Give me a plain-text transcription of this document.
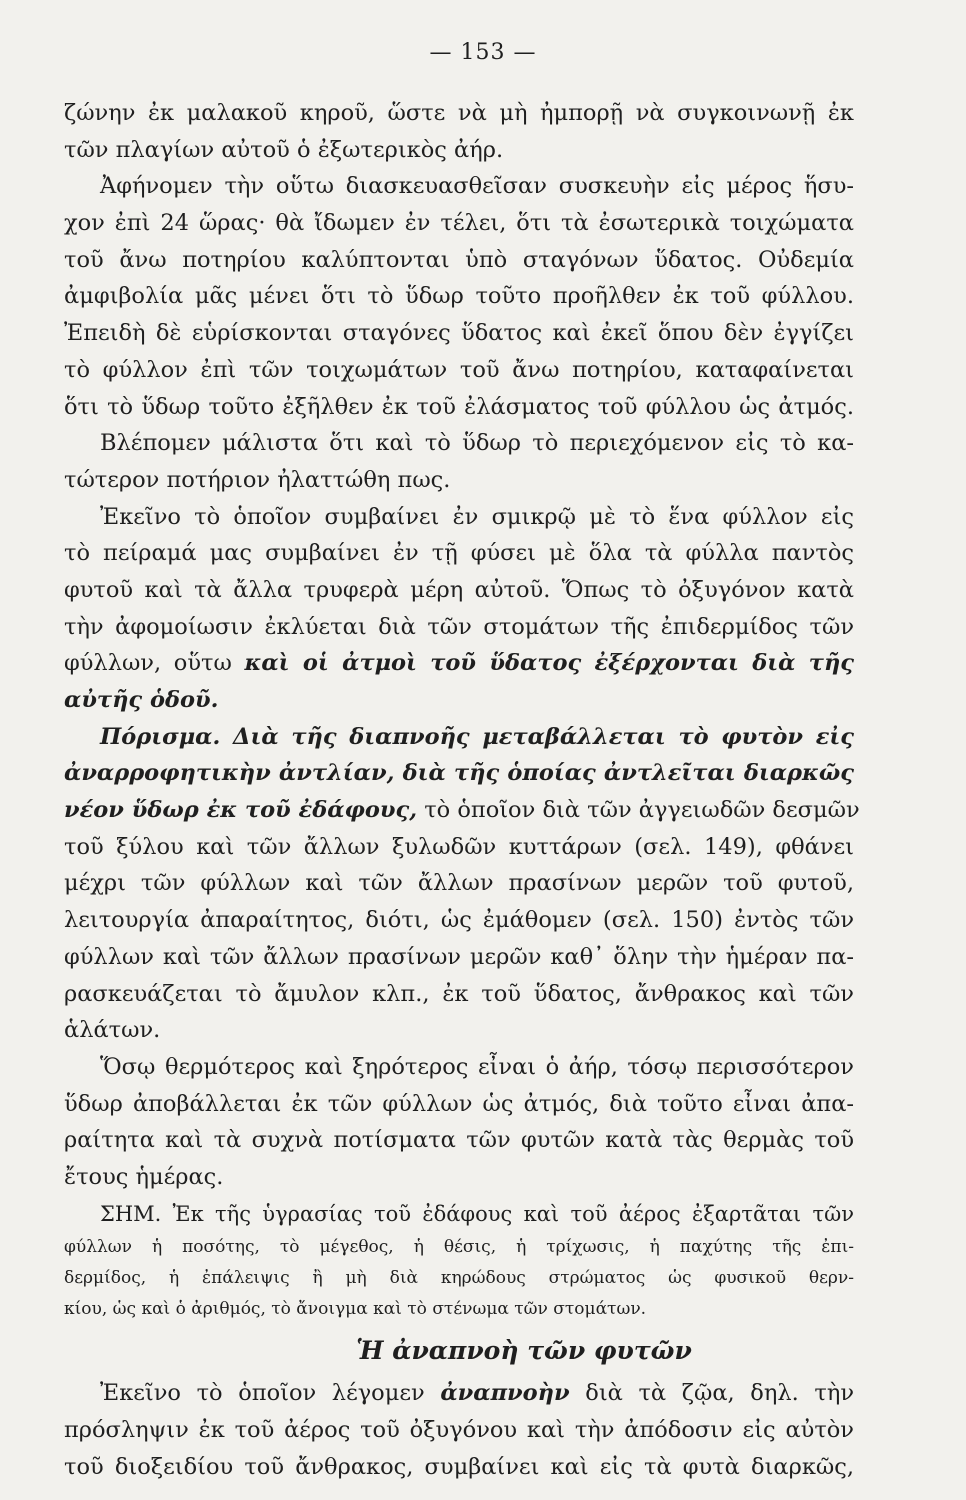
— 153 —
ζώνην ἐκ μαλακοῦ κηροῦ, ὥστε νὰ μὴ ἠμπορῇ νὰ συγκοινωνῇ ἐκ
τῶν πλαγίων αὐτοῦ ὁ ἐξωτερικὸς ἀήρ.
Ἀφήνομεν τὴν οὕτω διασκευασθεῖσαν συσκευὴν εἰς μέρος ἥσυ-
χον ἐπὶ 24 ὥρας· θὰ ἴδωμεν ἐν τέλει, ὅτι τὰ ἐσωτερικὰ τοιχώματα
τοῦ ἄνω ποτηρίου καλύπτονται ὑπὸ σταγόνων ὕδατος. Οὐδεμία
ἀμφιβολία μᾶς μένει ὅτι τὸ ὕδωρ τοῦτο προῆλθεν ἐκ τοῦ φύλλου.
Ἐπειδὴ δὲ εὑρίσκονται σταγόνες ὕδατος καὶ ἐκεῖ ὅπου δὲν ἐγγίζει
τὸ φύλλον ἐπὶ τῶν τοιχωμάτων τοῦ ἄνω ποτηρίου, καταφαίνεται
ὅτι τὸ ὕδωρ τοῦτο ἐξῆλθεν ἐκ τοῦ ἐλάσματος τοῦ φύλλου ὡς ἀτμός.
Βλέπομεν μάλιστα ὅτι καὶ τὸ ὕδωρ τὸ περιεχόμενον εἰς τὸ κα-
τώτερον ποτήριον ἠλαττώθη πως.
Ἐκεῖνο τὸ ὁποῖον συμβαίνει ἐν σμικρῷ μὲ τὸ ἕνα φύλλον εἰς
τὸ πείραμά μας συμβαίνει ἐν τῇ φύσει μὲ ὅλα τὰ φύλλα παντὸς
φυτοῦ καὶ τὰ ἄλλα τρυφερὰ μέρη αὐτοῦ. Ὅπως τὸ ὀξυγόνον κατὰ
τὴν ἀφομοίωσιν ἐκλύεται διὰ τῶν στομάτων τῆς ἐπιδερμίδος τῶν
φύλλων, οὕτω καὶ οἱ ἀτμοὶ τοῦ ὕδατος ἐξέρχονται διὰ τῆς
αὐτῆς ὁδοῦ.
Πόρισμα. Διὰ τῆς διαπνοῆς μεταβάλλεται τὸ φυτὸν εἰς
ἀναρροφητικὴν ἀντλίαν, διὰ τῆς ὁποίας ἀντλεῖται διαρκῶς
νέον ὕδωρ ἐκ τοῦ ἐδάφους, τὸ ὁποῖον διὰ τῶν ἀγγειωδῶν δεσμῶν
τοῦ ξύλου καὶ τῶν ἄλλων ξυλωδῶν κυττάρων (σελ. 149), φθάνει
μέχρι τῶν φύλλων καὶ τῶν ἄλλων πρασίνων μερῶν τοῦ φυτοῦ,
λειτουργία ἀπαραίτητος, διότι, ὡς ἐμάθομεν (σελ. 150) ἐντὸς τῶν
φύλλων καὶ τῶν ἄλλων πρασίνων μερῶν καθ᾽ ὅλην τὴν ἡμέραν πα-
ρασκευάζεται τὸ ἄμυλον κλπ., ἐκ τοῦ ὕδατος, ἄνθρακος καὶ τῶν
ἁλάτων.
Ὅσῳ θερμότερος καὶ ξηρότερος εἶναι ὁ ἀήρ, τόσῳ περισσότερον
ὕδωρ ἀποβάλλεται ἐκ τῶν φύλλων ὡς ἀτμός, διὰ τοῦτο εἶναι ἀπα-
ραίτητα καὶ τὰ συχνὰ ποτίσματα τῶν φυτῶν κατὰ τὰς θερμὰς τοῦ
ἔτους ἡμέρας.
ΣΗΜ. Ἐκ τῆς ὑγρασίας τοῦ ἐδάφους καὶ τοῦ ἀέρος ἐξαρτᾶται τῶν
φύλλων ἡ ποσότης, τὸ μέγεθος, ἡ θέσις, ἡ τρίχωσις, ἡ παχύτης τῆς ἐπι-
δερμίδος, ἡ ἐπάλειψις ἢ μὴ διὰ κηρώδους στρώματος ὡς φυσικοῦ θερν-
κίου, ὡς καὶ ὁ ἀριθμός, τὸ ἄνοιγμα καὶ τὸ στένωμα τῶν στομάτων.
Ἡ ἀναπνοὴ τῶν φυτῶν
Ἐκεῖνο τὸ ὁποῖον λέγομεν ἀναπνοὴν διὰ τὰ ζῷα, δηλ. τὴν
πρόσληψιν ἐκ τοῦ ἀέρος τοῦ ὀξυγόνου καὶ τὴν ἀπόδοσιν εἰς αὐτὸν
τοῦ διοξειδίου τοῦ ἄνθρακος, συμβαίνει καὶ εἰς τὰ φυτὰ διαρκῶς,
